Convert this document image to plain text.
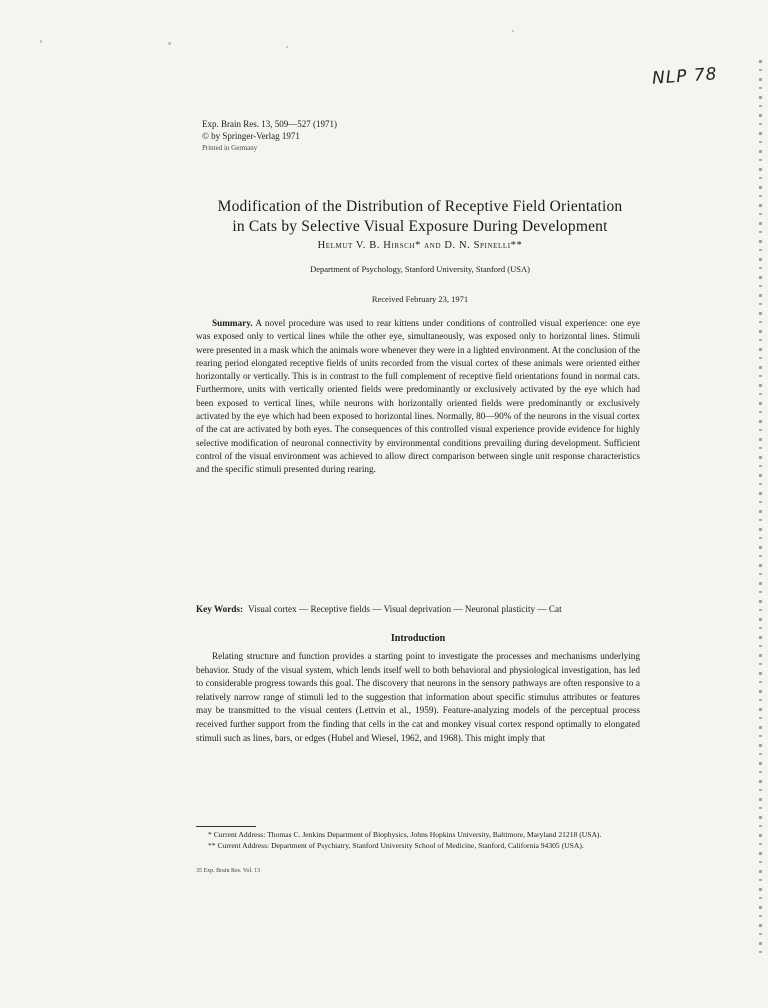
NLP 78
Exp. Brain Res. 13, 509—527 (1971)
© by Springer-Verlag 1971
Printed in Germany
Modification of the Distribution of Receptive Field Orientation
in Cats by Selective Visual Exposure During Development
Helmut V. B. Hirsch* and D. N. Spinelli**
Department of Psychology, Stanford University, Stanford (USA)
Received February 23, 1971
Summary. A novel procedure was used to rear kittens under conditions of controlled visual experience: one eye was exposed only to vertical lines while the other eye, simultaneously, was exposed only to horizontal lines. Stimuli were presented in a mask which the animals wore whenever they were in a lighted environment. At the conclusion of the rearing period elongated receptive fields of units recorded from the visual cortex of these animals were oriented either horizontally or vertically. This is in contrast to the full complement of receptive field orientations found in normal cats. Furthermore, units with vertically oriented fields were predominantly or exclusively activated by the eye which had been exposed to vertical lines, while neurons with horizontally oriented fields were predominantly or exclusively activated by the eye which had been exposed to horizontal lines. Normally, 80—90% of the neurons in the visual cortex of the cat are activated by both eyes. The consequences of this controlled visual experience provide evidence for highly selective modification of neuronal connectivity by environmental conditions prevailing during development. Sufficient control of the visual environment was achieved to allow direct comparison between single unit response characteristics and the specific stimuli presented during rearing.
Key Words: Visual cortex — Receptive fields — Visual deprivation — Neuronal plasticity — Cat
Introduction
Relating structure and function provides a starting point to investigate the processes and mechanisms underlying behavior. Study of the visual system, which lends itself well to both behavioral and physiological investigation, has led to considerable progress towards this goal. The discovery that neurons in the sensory pathways are often responsive to a relatively narrow range of stimuli led to the suggestion that information about specific stimulus attributes or features may be transmitted to the visual centers (Lettvin et al., 1959). Feature-analyzing models of the perceptual process received further support from the finding that cells in the cat and monkey visual cortex respond optimally to elongated stimuli such as lines, bars, or edges (Hubel and Wiesel, 1962, and 1968). This might imply that

* Current Address: Thomas C. Jenkins Department of Biophysics, Johns Hopkins University, Baltimore, Maryland 21218 (USA).

** Current Address: Department of Psychiatry, Stanford University School of Medicine, Stanford, California 94305 (USA).

35 Exp. Brain Res. Vol. 13
